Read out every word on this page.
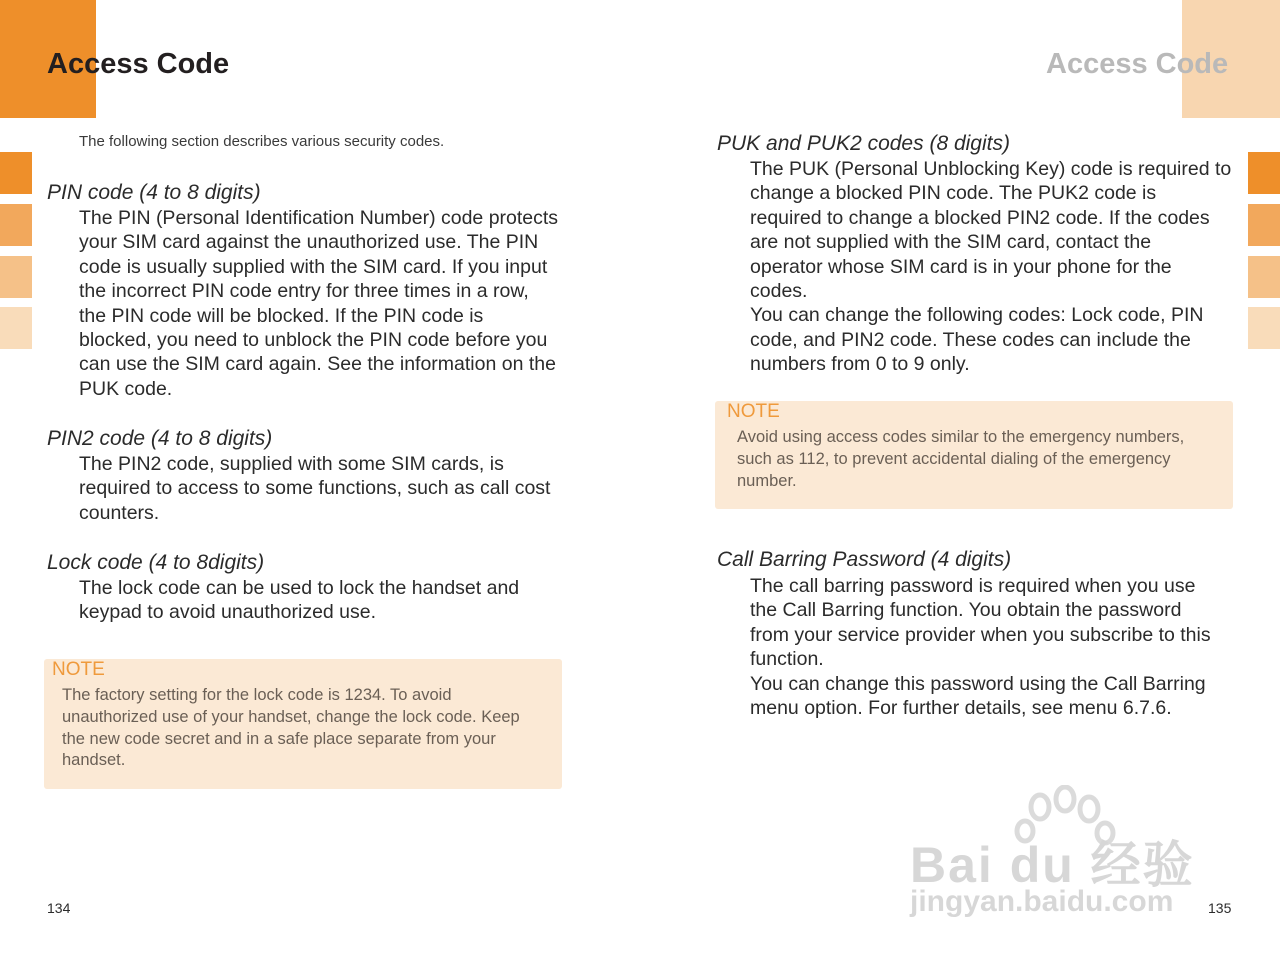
Access Code	Access Code
The following section describes various security codes.
PIN code (4 to 8 digits)

The PIN (Personal Identification Number) code protects

your SIM card against the unauthorized use. The PIN

code is usually supplied with the SIM card. If you input

the incorrect PIN code entry for three times in a row,

the PIN code will be blocked. If the PIN code is

blocked, you need to unblock the PIN code before you

can use the SIM card again. See the information on the

PUK code.

PIN2 code (4 to 8 digits)

The PIN2 code, supplied with some SIM cards, is

required to access to some functions, such as call cost

counters.

Lock code (4 to 8digits)

The lock code can be used to lock the handset and

keypad to avoid unauthorized use.

NOTE
The factory setting for the lock code is 1234. To avoid
unauthorized use of your handset, change the lock code. Keep
the new code secret and in a safe place separate from your
handset.
134
PUK and PUK2 codes (8 digits)

The PUK (Personal Unblocking Key) code is required to

change a blocked PIN code. The PUK2 code is

required to change a blocked PIN2 code. If the codes

are not supplied with the SIM card, contact the

operator whose SIM card is in your phone for the

codes.

You can change the following codes: Lock code, PIN

code, and PIN2 code. These codes can include the

numbers from 0 to 9 only.

NOTE
Avoid using access codes similar to the emergency numbers,
such as 112, to prevent accidental dialing of the emergency
number.
Call Barring Password (4 digits)

The call barring password is required when you use

the Call Barring function. You obtain the password

from your service provider when you subscribe to this

function.

You can change this password using the Call Barring

menu option. For further details, see menu 6.7.6.

135
Bai du 经验
jingyan.baidu.com
